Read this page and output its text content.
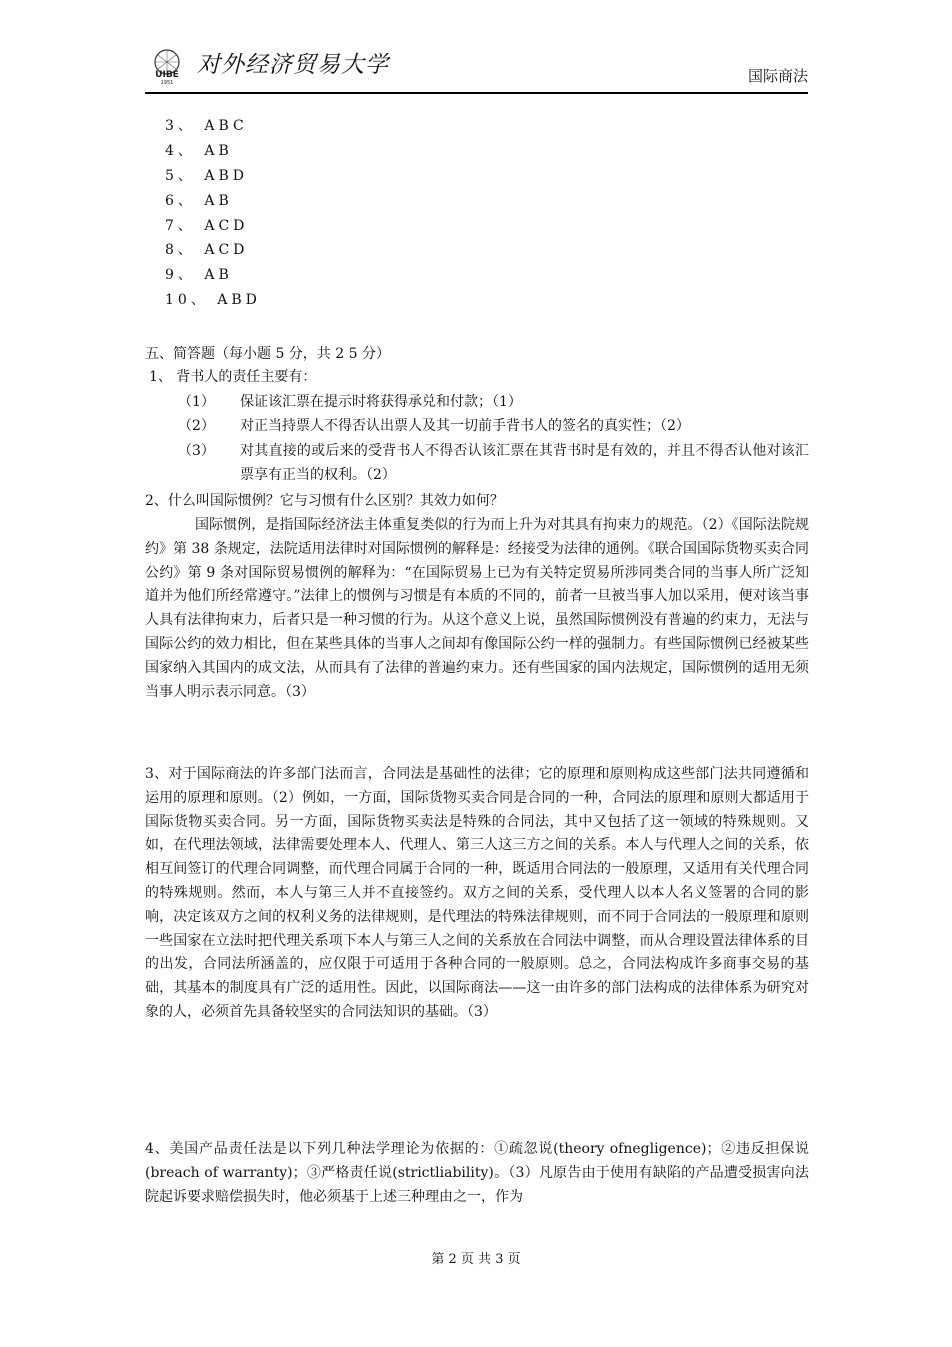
UIBE
1951
对外经济贸易大学	国际商法
3、 ABC
4、 AB
5、 ABD
6、 AB
7、 ACD
8、 ACD
9、 AB
10、 ABD
五、简答题（每小题 5 分，共 2 5 分）
1、 背书人的责任主要有：
（1） 保证该汇票在提示时将获得承兑和付款；（1）
（2） 对正当持票人不得否认出票人及其一切前手背书人的签名的真实性；（2）
（3） 对其直接的或后来的受背书人不得否认该汇票在其背书时是有效的，并且不得否认他对该汇票享有正当的权利。（2）
2、什么叫国际惯例？它与习惯有什么区别？其效力如何？
国际惯例，是指国际经济法主体重复类似的行为而上升为对其具有拘束力的规范。（2）《国际法院规约》第 38 条规定，法院适用法律时对国际惯例的解释是：经接受为法律的通例。《联合国国际货物买卖合同公约》第 9 条对国际贸易惯例的解释为：“在国际贸易上已为有关特定贸易所涉同类合同的当事人所广泛知道并为他们所经常遵守。”法律上的惯例与习惯是有本质的不同的，前者一旦被当事人加以采用，便对该当事人具有法律拘束力，后者只是一种习惯的行为。从这个意义上说，虽然国际惯例没有普遍的约束力，无法与国际公约的效力相比，但在某些具体的当事人之间却有像国际公约一样的强制力。有些国际惯例已经被某些国家纳入其国内的成文法，从而具有了法律的普遍约束力。还有些国家的国内法规定，国际惯例的适用无须当事人明示表示同意。（3）
3、对于国际商法的许多部门法而言，合同法是基础性的法律；它的原理和原则构成这些部门法共同遵循和运用的原理和原则。（2）例如，一方面，国际货物买卖合同是合同的一种，合同法的原理和原则大都适用于国际货物买卖合同。另一方面，国际货物买卖法是特殊的合同法，其中又包括了这一领域的特殊规则。又如，在代理法领域，法律需要处理本人、代理人、第三人这三方之间的关系。本人与代理人之间的关系，依相互间签订的代理合同调整，而代理合同属于合同的一种，既适用合同法的一般原理，又适用有关代理合同的特殊规则。然而，本人与第三人并不直接签约。双方之间的关系，受代理人以本人名义签署的合同的影响，决定该双方之间的权利义务的法律规则，是代理法的特殊法律规则，而不同于合同法的一般原理和原则一些国家在立法时把代理关系项下本人与第三人之间的关系放在合同法中调整，而从合理设置法律体系的目的出发，合同法所涵盖的，应仅限于可适用于各种合同的一般原则。总之，合同法构成许多商事交易的基础，其基本的制度具有广泛的适用性。因此，以国际商法——这一由许多的部门法构成的法律体系为研究对象的人，必须首先具备较坚实的合同法知识的基础。（3）
4、美国产品责任法是以下列几种法学理论为依据的：①疏忽说(theory ofnegligence)；②违反担保说(breach of warranty)；③严格责任说(strictliability)。（3）凡原告由于使用有缺陷的产品遭受损害向法院起诉要求赔偿损失时，他必须基于上述三种理由之一，作为
第 2 页 共 3 页
